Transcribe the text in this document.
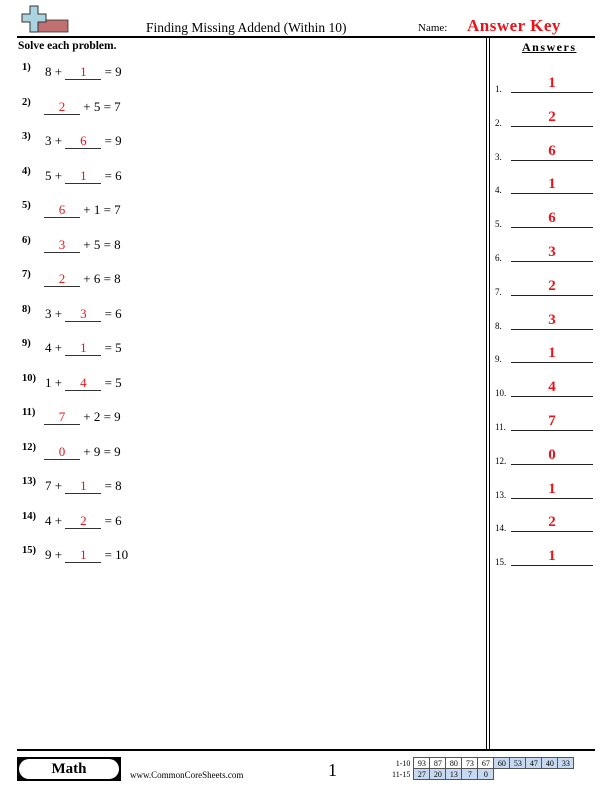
Finding Missing Addend (Within 10)	Name: Answer Key
Solve each problem.	Answers
1) 8 + 1 = 9
2)	2 + 5 = 7
3) 3 + 6 = 9
4) 5 + 1 = 6
5)	6 + 1 = 7
6)	3 + 5 = 8
7)	2 + 6 = 8
8) 3 + 3 = 6
9) 4 + 1 = 5
10) 1 + 4 = 5
11)	7 + 2 = 9
12)	0 + 9 = 9
13) 7 + 1 = 8
14) 4 + 2 = 6
15) 9 + 1 = 10
1.	1
2.	2
3.	6
4.	1
5.	6
6.	3
7.	2
8.	3
9.	1
10.	4
11.	7
12.	0
13.	1
14.	2
15.	1
Math	www.CommonCoreSheets.com	1	1-10	93	87	80	73	67	60	53	47	40	33
11-15	27	20	13	7	0					
